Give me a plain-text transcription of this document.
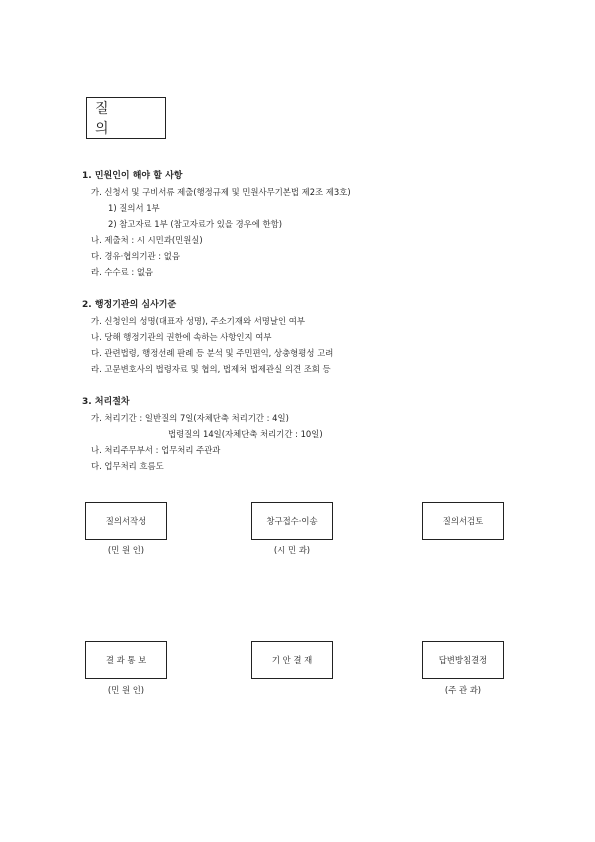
질　의
1. 민원인이 해야 할 사항
가. 신청서 및 구비서류 제출(행정규제 및 민원사무기본법 제2조 제3호)
1) 질의서 1부
2) 참고자료 1부 (참고자료가 있을 경우에 한함)
나. 제출처 : 시 시민과(민원실)
다. 경유·협의기관 : 없음
라. 수수료 : 없음
2. 행정기관의 심사기준
가. 신청인의 성명(대표자 성명), 주소기재와 서명날인 여부
나. 당해 행정기관의 권한에 속하는 사항인지 여부
다. 관련법령, 행정선례 판례 등 분석 및 주민편익, 상충형평성 고려
라. 고문변호사의 법령자료 및 협의, 법제처 법제관실 의견 조회 등
3. 처리절차
가. 처리기간 : 일반질의 7일(자체단축 처리기간 : 4일)
법령질의 14일(자체단축 처리기간 : 10일)
나. 처리주무부서 : 업무처리 주관과
다. 업무처리 흐름도
질의서작성
(민 원 인)
창구접수·이송
(시 민 과)
질의서검토
결 과 통 보
(민 원 인)
기 안 결 재	답변방침결정
(주 관 과)
